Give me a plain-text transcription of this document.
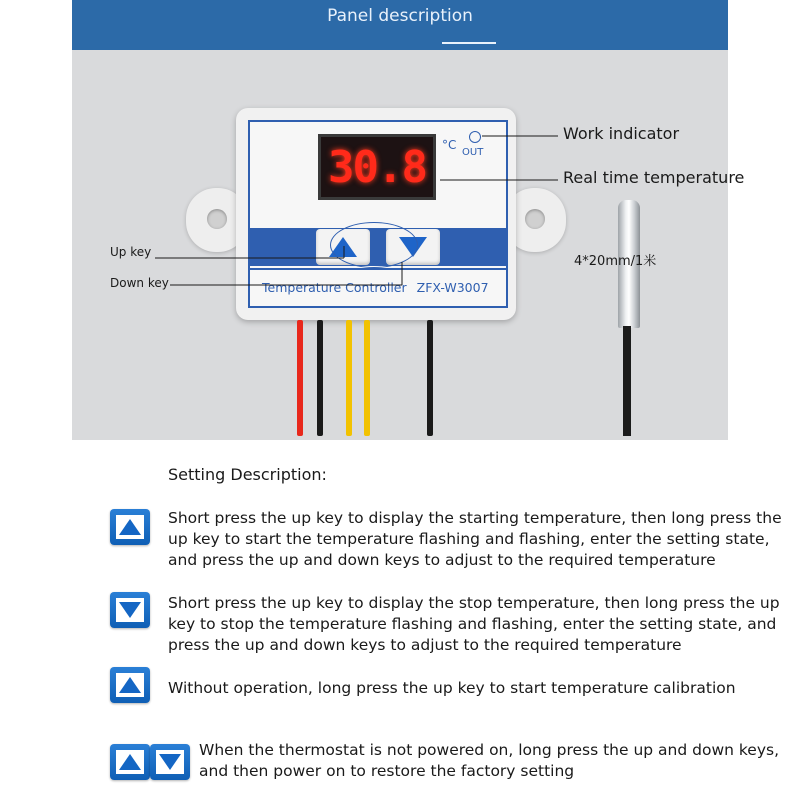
Panel description
30.8 °C
OUT
Temperature Controller ZFX-W3007
Work indicator
Real time temperature
Up key
Down key
4*20mm/1米
Setting Description:
Short press the up key to display the starting temperature, then long press the up key to start the temperature flashing and flashing, enter the setting state, and press the up and down keys to adjust to the required temperature
Short press the up key to display the stop temperature, then long press the up key to stop the temperature flashing and flashing, enter the setting state, and press the up and down keys to adjust to the required temperature
Without operation, long press the up key to start temperature calibration
When the thermostat is not powered on, long press the up and down keys, and then power on to restore the factory setting
